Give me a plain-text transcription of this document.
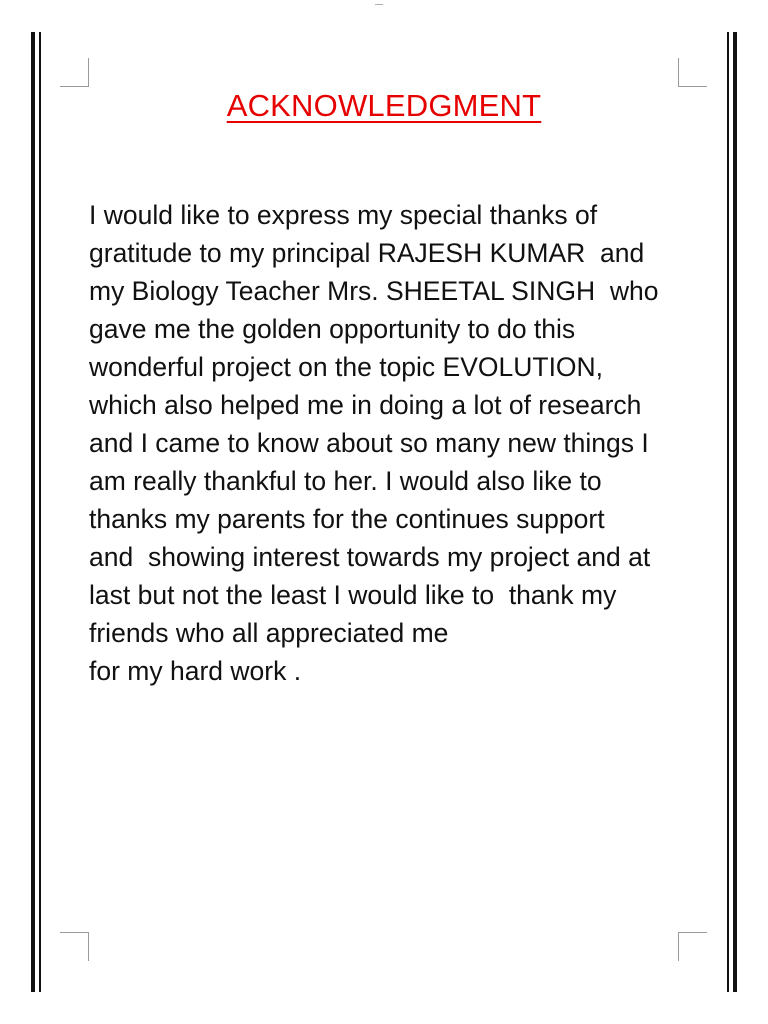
ACKNOWLEDGMENT
I would like to express my special thanks of
gratitude to my principal RAJESH KUMAR  and
my Biology Teacher Mrs. SHEETAL SINGH  who
gave me the golden opportunity to do this
wonderful project on the topic EVOLUTION,
which also helped me in doing a lot of research
and I came to know about so many new things I
am really thankful to her. I would also like to
thanks my parents for the continues support
and  showing interest towards my project and at
last but not the least I would like to  thank my
friends who all appreciated me
for my hard work .
